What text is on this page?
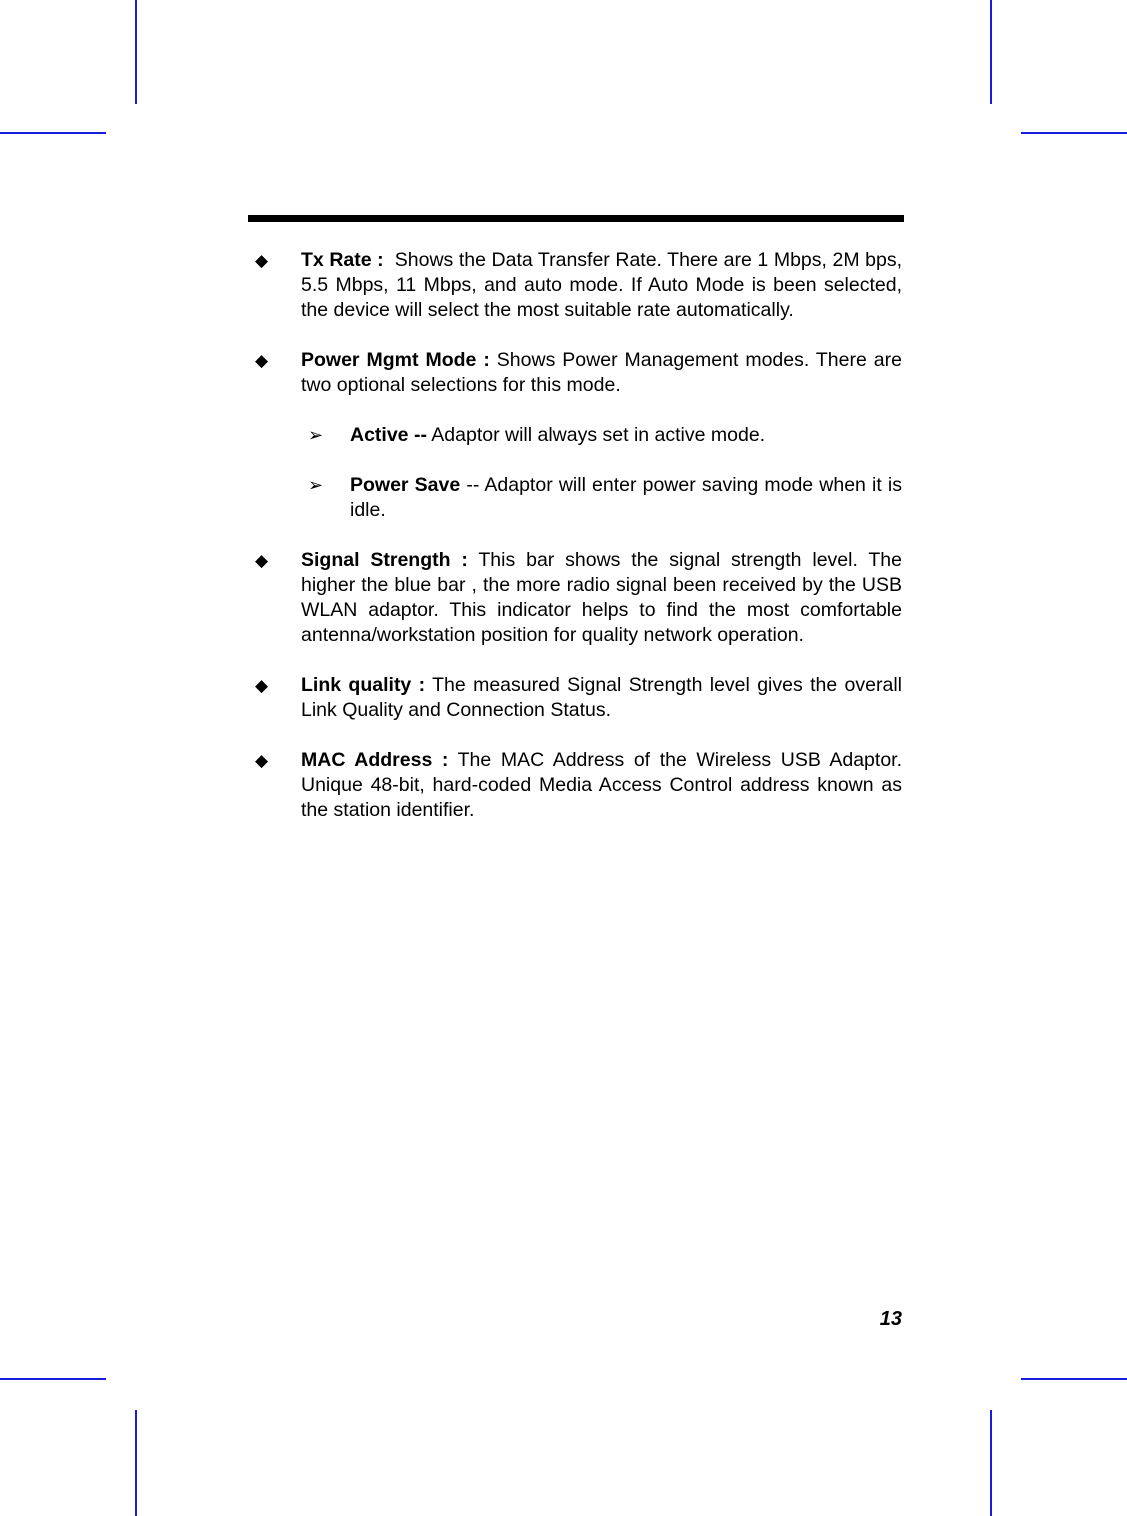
◆ Tx Rate :  Shows the Data Transfer Rate. There are 1 Mbps, 2M bps, 5.5 Mbps, 11 Mbps, and auto mode. If Auto Mode is been selected, the device will select the most suitable rate automatically.
◆ Power Mgmt Mode : Shows Power Management modes. There are two optional selections for this mode.
➢ Active -- Adaptor will always set in active mode.
➢ Power Save -- Adaptor will enter power saving mode when it is idle.
◆ Signal Strength : This bar shows the signal strength level. The higher the blue bar , the more radio signal been received by the USB WLAN adaptor. This indicator helps to find the most comfortable antenna/workstation position for quality network operation.
◆ Link quality : The measured Signal Strength level gives the overall Link Quality and Connection Status.
◆ MAC Address : The MAC Address of the Wireless USB Adaptor. Unique 48-bit, hard-coded Media Access Control address known as the station identifier.
13
